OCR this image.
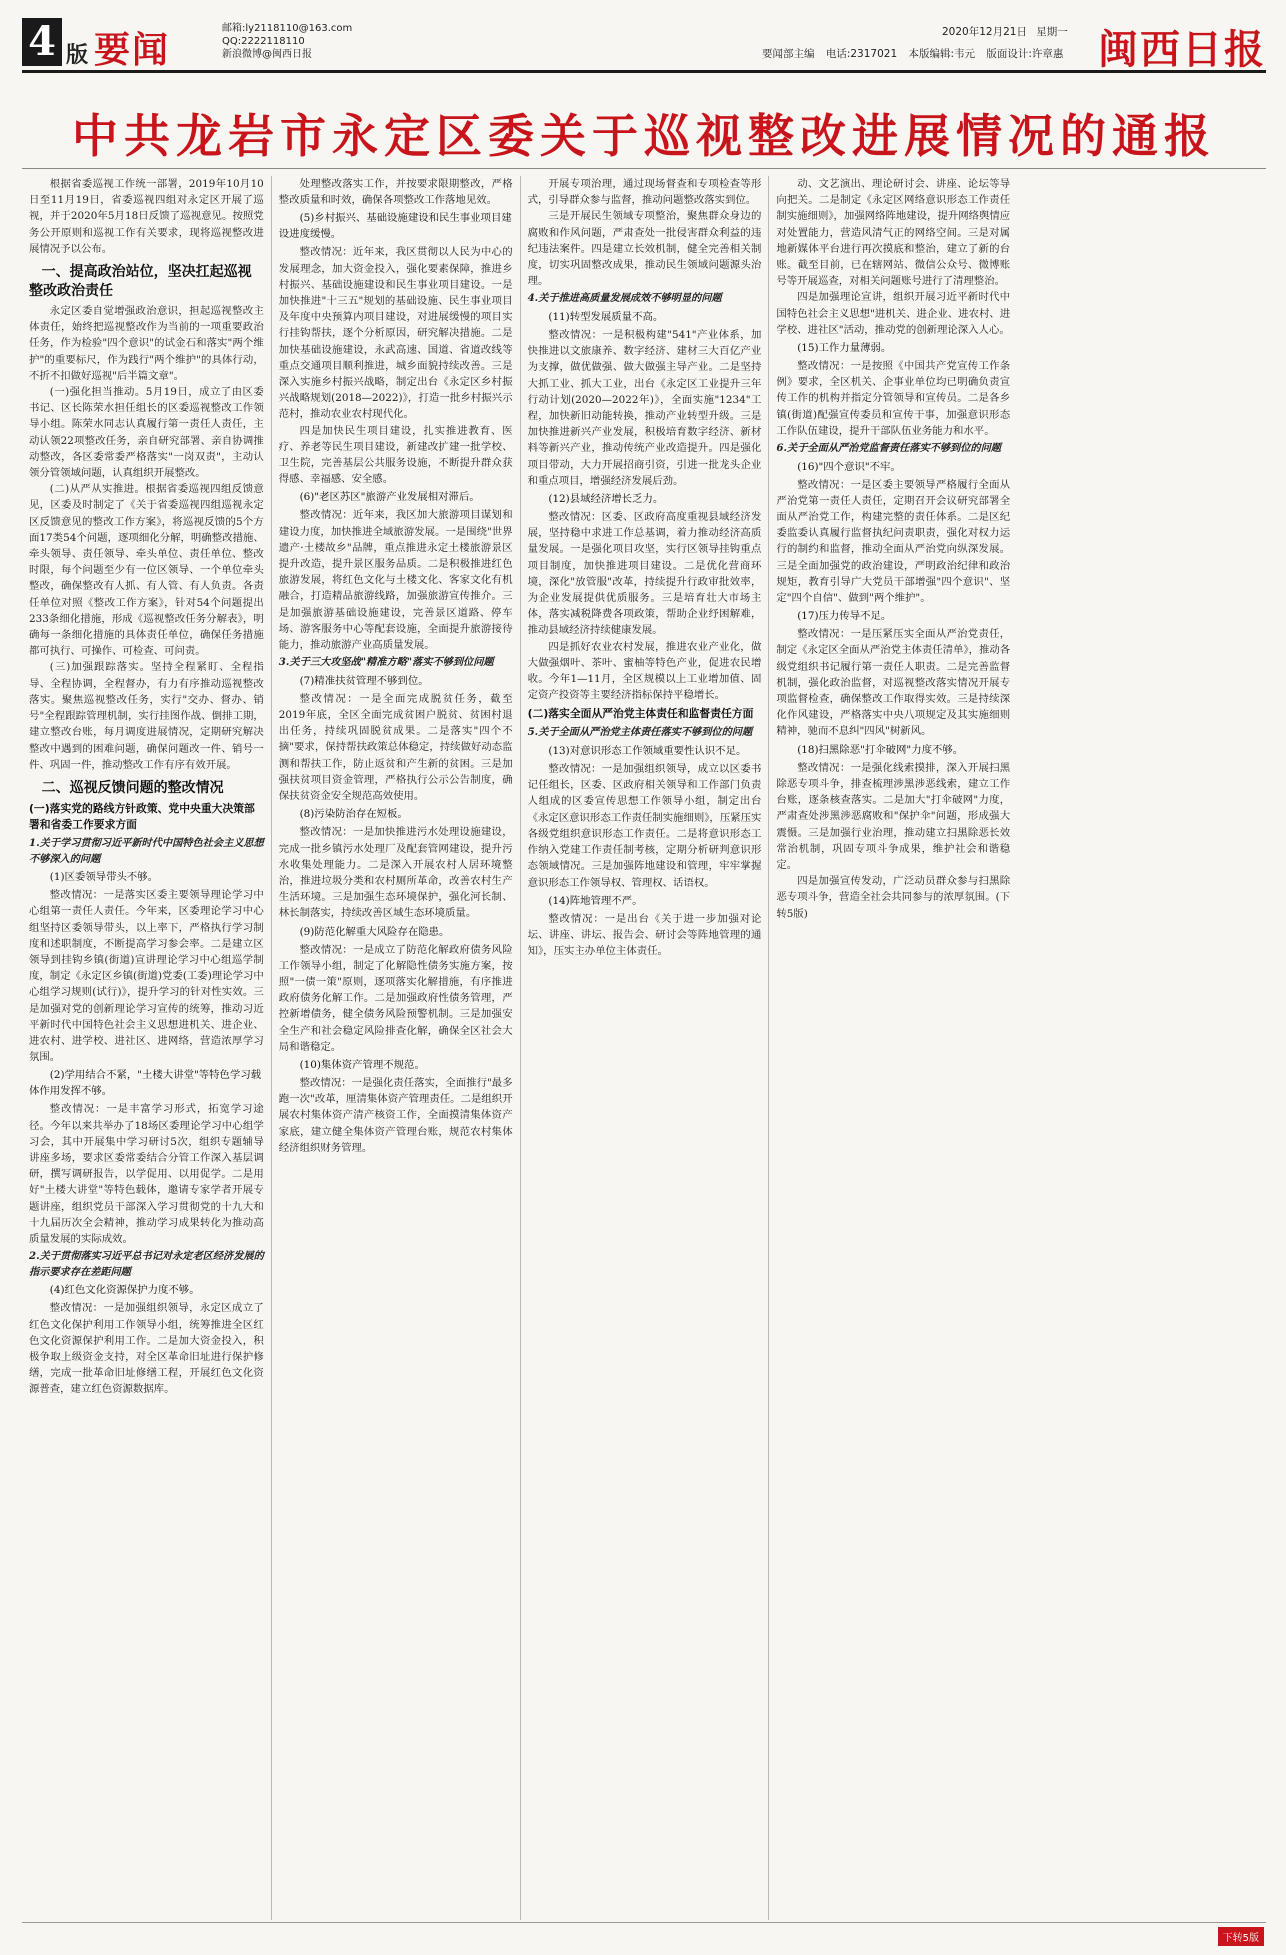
4 版 要闻
邮箱:ly2118110@163.com
QQ:2222118110
新浪微博@闽西日报	要闻部主编 电话:2317021 本版编辑:韦元 版面设计:许章惠
2020年12月21日 星期一 闽西日报
中共龙岩市永定区委关于巡视整改进展情况的通报

根据省委巡视工作统一部署，2019年10月10日至11月19日，省委巡视四组对永定区开展了巡视，并于2020年5月18日反馈了巡视意见。按照党务公开原则和巡视工作有关要求，现将巡视整改进展情况予以公布。

一、提高政治站位，坚决扛起巡视整改政治责任

永定区委自觉增强政治意识，担起巡视整改主体责任，始终把巡视整改作为当前的一项重要政治任务，作为检验"四个意识"的试金石和落实"两个维护"的重要标尺，作为践行"两个维护"的具体行动，不折不扣做好巡视"后半篇文章"。

(一)强化担当推动。5月19日，成立了由区委书记、区长陈荣水担任组长的区委巡视整改工作领导小组。陈荣水同志认真履行第一责任人责任，主动认领22项整改任务，亲自研究部署、亲自协调推动整改，各区委常委严格落实"一岗双责"，主动认领分管领域问题，认真组织开展整改。

(二)从严从实推进。根据省委巡视四组反馈意见，区委及时制定了《关于省委巡视四组巡视永定区反馈意见的整改工作方案》，将巡视反馈的5个方面17类54个问题，逐项细化分解，明确整改措施、牵头领导、责任领导、牵头单位、责任单位、整改时限，每个问题至少有一位区领导、一个单位牵头整改，确保整改有人抓、有人管、有人负责。各责任单位对照《整改工作方案》，针对54个问题提出233条细化措施，形成《巡视整改任务分解表》，明确每一条细化措施的具体责任单位，确保任务措施都可执行、可操作、可检查、可问责。

(三)加强跟踪落实。坚持全程紧盯、全程指导、全程协调，全程督办，有力有序推动巡视整改落实。聚焦巡视整改任务，实行"交办、督办、销号"全程跟踪管理机制，实行挂图作战、倒排工期，建立整改台账，每月调度进展情况，定期研究解决整改中遇到的困难问题，确保问题改一件、销号一件、巩固一件，推动整改工作有序有效开展。

二、巡视反馈问题的整改情况

(一)落实党的路线方针政策、党中央重大决策部署和省委工作要求方面

1.关于学习贯彻习近平新时代中国特色社会主义思想不够深入的问题

(1)区委领导带头不够。

整改情况：一是落实区委主要领导理论学习中心组第一责任人责任。今年来，区委理论学习中心组坚持区委领导带头，以上率下，严格执行学习制度和述职制度，不断提高学习参会率。二是建立区领导到挂钩乡镇(街道)宣讲理论学习中心组巡学制度，制定《永定区乡镇(街道)党委(工委)理论学习中心组学习规则(试行)》，提升学习的针对性实效。三是加强对党的创新理论学习宣传的统筹，推动习近平新时代中国特色社会主义思想进机关、进企业、进农村、进学校、进社区、进网络，营造浓厚学习氛围。

(2)学用结合不紧，"土楼大讲堂"等特色学习载体作用发挥不够。

整改情况：一是丰富学习形式，拓宽学习途径。今年以来共举办了18场区委理论学习中心组学习会，其中开展集中学习研讨5次，组织专题辅导讲座多场，要求区委常委结合分管工作深入基层调研，撰写调研报告，以学促用、以用促学。二是用好"土楼大讲堂"等特色载体，邀请专家学者开展专题讲座，组织党员干部深入学习贯彻党的十九大和十九届历次全会精神，推动学习成果转化为推动高质量发展的实际成效。

2.关于贯彻落实习近平总书记对永定老区经济发展的指示要求存在差距问题

(4)红色文化资源保护力度不够。

整改情况：一是加强组织领导，永定区成立了红色文化保护利用工作领导小组，统筹推进全区红色文化资源保护利用工作。二是加大资金投入，积极争取上级资金支持，对全区革命旧址进行保护修缮，完成一批革命旧址修缮工程，开展红色文化资源普查，建立红色资源数据库。

处理整改落实工作，并按要求限期整改，严格整改质量和时效，确保各项整改工作落地见效。

(5)乡村振兴、基础设施建设和民生事业项目建设进度缓慢。

整改情况：近年来，我区贯彻以人民为中心的发展理念，加大资金投入，强化要素保障，推进乡村振兴、基础设施建设和民生事业项目建设。一是加快推进"十三五"规划的基础设施、民生事业项目及年度中央预算内项目建设，对进展缓慢的项目实行挂钩帮扶，逐个分析原因，研究解决措施。二是加快基础设施建设，永武高速、国道、省道改线等重点交通项目顺利推进，城乡面貌持续改善。三是深入实施乡村振兴战略，制定出台《永定区乡村振兴战略规划(2018—2022)》，打造一批乡村振兴示范村，推动农业农村现代化。

四是加快民生项目建设，扎实推进教育、医疗、养老等民生项目建设，新建改扩建一批学校、卫生院，完善基层公共服务设施，不断提升群众获得感、幸福感、安全感。

(6)"老区苏区"旅游产业发展相对滞后。

整改情况：近年来，我区加大旅游项目谋划和建设力度，加快推进全域旅游发展。一是围绕"世界遗产·土楼故乡"品牌，重点推进永定土楼旅游景区提升改造，提升景区服务品质。二是积极推进红色旅游发展，将红色文化与土楼文化、客家文化有机融合，打造精品旅游线路，加强旅游宣传推介。三是加强旅游基础设施建设，完善景区道路、停车场、游客服务中心等配套设施，全面提升旅游接待能力，推动旅游产业高质量发展。

3.关于三大攻坚战"精准方略"落实不够到位问题

(7)精准扶贫管理不够到位。

整改情况：一是全面完成脱贫任务，截至2019年底，全区全面完成贫困户脱贫、贫困村退出任务，持续巩固脱贫成果。二是落实"四个不摘"要求，保持帮扶政策总体稳定，持续做好动态监测和帮扶工作，防止返贫和产生新的贫困。三是加强扶贫项目资金管理，严格执行公示公告制度，确保扶贫资金安全规范高效使用。

(8)污染防治存在短板。

整改情况：一是加快推进污水处理设施建设，完成一批乡镇污水处理厂及配套管网建设，提升污水收集处理能力。二是深入开展农村人居环境整治，推进垃圾分类和农村厕所革命，改善农村生产生活环境。三是加强生态环境保护，强化河长制、林长制落实，持续改善区域生态环境质量。

(9)防范化解重大风险存在隐患。

整改情况：一是成立了防范化解政府债务风险工作领导小组，制定了化解隐性债务实施方案，按照"一债一策"原则，逐项落实化解措施，有序推进政府债务化解工作。二是加强政府性债务管理，严控新增债务，健全债务风险预警机制。三是加强安全生产和社会稳定风险排查化解，确保全区社会大局和谐稳定。

(10)集体资产管理不规范。

整改情况：一是强化责任落实，全面推行"最多跑一次"改革，厘清集体资产管理责任。二是组织开展农村集体资产清产核资工作，全面摸清集体资产家底，建立健全集体资产管理台账，规范农村集体经济组织财务管理。

开展专项治理，通过现场督查和专项检查等形式，引导群众参与监督，推动问题整改落实到位。

三是开展民生领域专项整治，聚焦群众身边的腐败和作风问题，严肃查处一批侵害群众利益的违纪违法案件。四是建立长效机制，健全完善相关制度，切实巩固整改成果，推动民生领域问题源头治理。

4.关于推进高质量发展成效不够明显的问题

(11)转型发展质量不高。

整改情况：一是积极构建"541"产业体系，加快推进以文旅康养、数字经济、建材三大百亿产业为支撑，做优做强、做大做强主导产业。二是坚持大抓工业、抓大工业，出台《永定区工业提升三年行动计划(2020—2022年)》，全面实施"1234"工程，加快新旧动能转换，推动产业转型升级。三是加快推进新兴产业发展，积极培育数字经济、新材料等新兴产业，推动传统产业改造提升。四是强化项目带动，大力开展招商引资，引进一批龙头企业和重点项目，增强经济发展后劲。

(12)县域经济增长乏力。

整改情况：区委、区政府高度重视县域经济发展，坚持稳中求进工作总基调，着力推动经济高质量发展。一是强化项目攻坚，实行区领导挂钩重点项目制度，加快推进项目建设。二是优化营商环境，深化"放管服"改革，持续提升行政审批效率，为企业发展提供优质服务。三是培育壮大市场主体，落实减税降费各项政策，帮助企业纾困解难，推动县域经济持续健康发展。

四是抓好农业农村发展，推进农业产业化，做大做强烟叶、茶叶、蜜柚等特色产业，促进农民增收。今年1—11月，全区规模以上工业增加值、固定资产投资等主要经济指标保持平稳增长。

(二)落实全面从严治党主体责任和监督责任方面

5.关于全面从严治党主体责任落实不够到位的问题

(13)对意识形态工作领域重要性认识不足。

整改情况：一是加强组织领导，成立以区委书记任组长，区委、区政府相关领导和工作部门负责人组成的区委宣传思想工作领导小组，制定出台《永定区意识形态工作责任制实施细则》，压紧压实各级党组织意识形态工作责任。二是将意识形态工作纳入党建工作责任制考核，定期分析研判意识形态领域情况。三是加强阵地建设和管理，牢牢掌握意识形态工作领导权、管理权、话语权。

(14)阵地管理不严。

整改情况：一是出台《关于进一步加强对论坛、讲座、讲坛、报告会、研讨会等阵地管理的通知》，压实主办单位主体责任。

动、文艺演出、理论研讨会、讲座、论坛等导向把关。二是制定《永定区网络意识形态工作责任制实施细则》，加强网络阵地建设，提升网络舆情应对处置能力，营造风清气正的网络空间。三是对属地新媒体平台进行再次摸底和整治，建立了新的台账。截至目前，已在辖网站、微信公众号、微博账号等开展巡查，对相关问题账号进行了清理整治。

四是加强理论宣讲，组织开展习近平新时代中国特色社会主义思想"进机关、进企业、进农村、进学校、进社区"活动，推动党的创新理论深入人心。

(15)工作力量薄弱。

整改情况：一是按照《中国共产党宣传工作条例》要求，全区机关、企事业单位均已明确负责宣传工作的机构并指定分管领导和宣传员。二是各乡镇(街道)配强宣传委员和宣传干事，加强意识形态工作队伍建设，提升干部队伍业务能力和水平。

6.关于全面从严治党监督责任落实不够到位的问题

(16)"四个意识"不牢。

整改情况：一是区委主要领导严格履行全面从严治党第一责任人责任，定期召开会议研究部署全面从严治党工作，构建完整的责任体系。二是区纪委监委认真履行监督执纪问责职责，强化对权力运行的制约和监督，推动全面从严治党向纵深发展。三是全面加强党的政治建设，严明政治纪律和政治规矩，教育引导广大党员干部增强"四个意识"、坚定"四个自信"、做到"两个维护"。

(17)压力传导不足。

整改情况：一是压紧压实全面从严治党责任，制定《永定区全面从严治党主体责任清单》，推动各级党组织书记履行第一责任人职责。二是完善监督机制，强化政治监督，对巡视整改落实情况开展专项监督检查，确保整改工作取得实效。三是持续深化作风建设，严格落实中央八项规定及其实施细则精神，驰而不息纠"四风"树新风。

(18)扫黑除恶"打伞破网"力度不够。

整改情况：一是强化线索摸排，深入开展扫黑除恶专项斗争，排查梳理涉黑涉恶线索，建立工作台账，逐条核查落实。二是加大"打伞破网"力度，严肃查处涉黑涉恶腐败和"保护伞"问题，形成强大震慑。三是加强行业治理，推动建立扫黑除恶长效常治机制，巩固专项斗争成果，维护社会和谐稳定。

四是加强宣传发动，广泛动员群众参与扫黑除恶专项斗争，营造全社会共同参与的浓厚氛围。(下转5版)

下转5版
